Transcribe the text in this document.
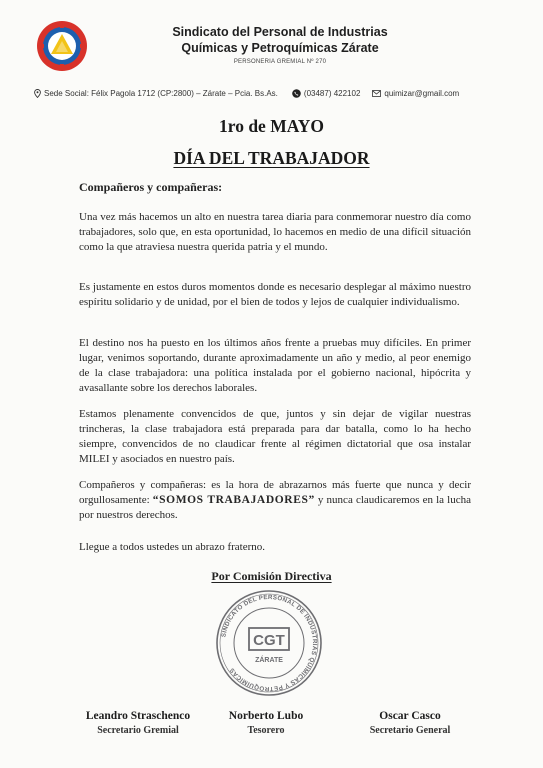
Sindicato del Personal de Industrias
Químicas y Petroquímicas Zárate
PERSONERIA GREMIAL Nº 270
Sede Social: Félix Pagola 1712 (CP:2800) – Zárate – Pcia. Bs.As.	(03487) 422102	quimizar@gmail.com
1ro de MAYO
DÍA DEL TRABAJADOR
Compañeros y compañeras:
Una vez más hacemos un alto en nuestra tarea diaria para conmemorar nuestro día como trabajadores, solo que, en esta oportunidad, lo hacemos en medio de una difícil situación como la que atraviesa nuestra querida patria y el mundo.
Es justamente en estos duros momentos donde es necesario desplegar al máximo nuestro espíritu solidario y de unidad, por el bien de todos y lejos de cualquier individualismo.
El destino nos ha puesto en los últimos años frente a pruebas muy difíciles. En primer lugar, venimos soportando, durante aproximadamente un año y medio, al peor enemigo de la clase trabajadora: una política instalada por el gobierno nacional, hipócrita y avasallante sobre los derechos laborales.
Estamos plenamente convencidos de que, juntos y sin dejar de vigilar nuestras trincheras, la clase trabajadora está preparada para dar batalla, como lo ha hecho siempre, convencidos de no claudicar frente al régimen dictatorial que osa instalar MILEI y asociados en nuestro país.
Compañeros y compañeras: es la hora de abrazarnos más fuerte que nunca y decir orgullosamente: “SOMOS TRABAJADORES” y nunca claudicaremos en la lucha por nuestros derechos.
Llegue a todos ustedes un abrazo fraterno.
Por Comisión Directiva
SINDICATO DEL PERSONAL DE INDUSTRIAS QUÍMICAS Y PETROQUÍMICAS
CGT
ZÁRATE
Leandro Straschenco
Secretario Gremial
Norberto Lubo
Tesorero
Oscar Casco
Secretario General
